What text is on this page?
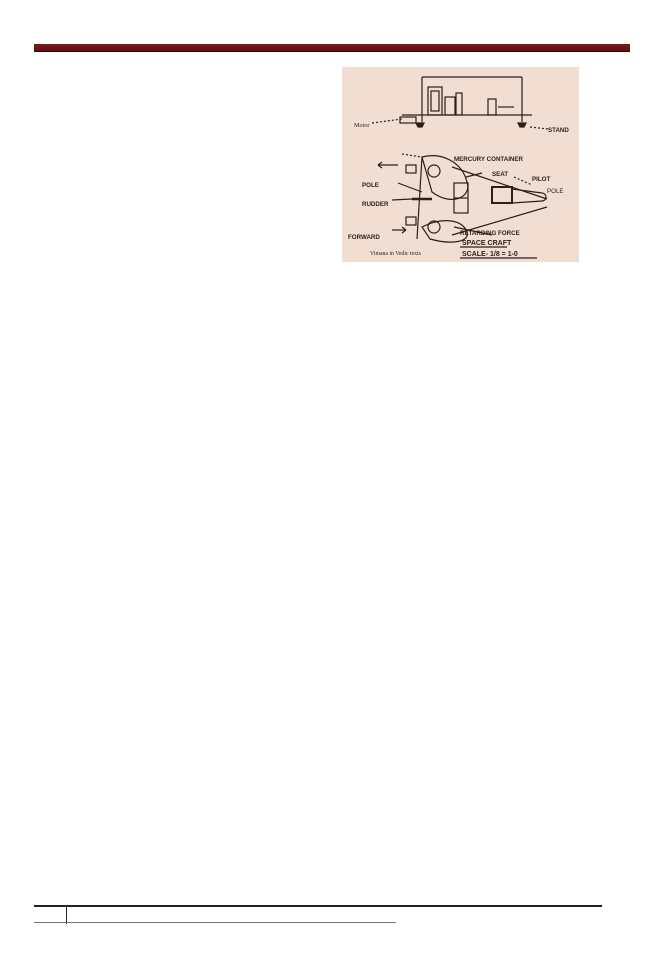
Motor
STAND
MERCURY CONTAINER
SEAT
PILOT
POLE
POLE
RUDDER
FORWARD
RETARDING FORCE
SPACE CRAFT
SCALE- 1/8 = 1-0
Vimana in Vedic texts
